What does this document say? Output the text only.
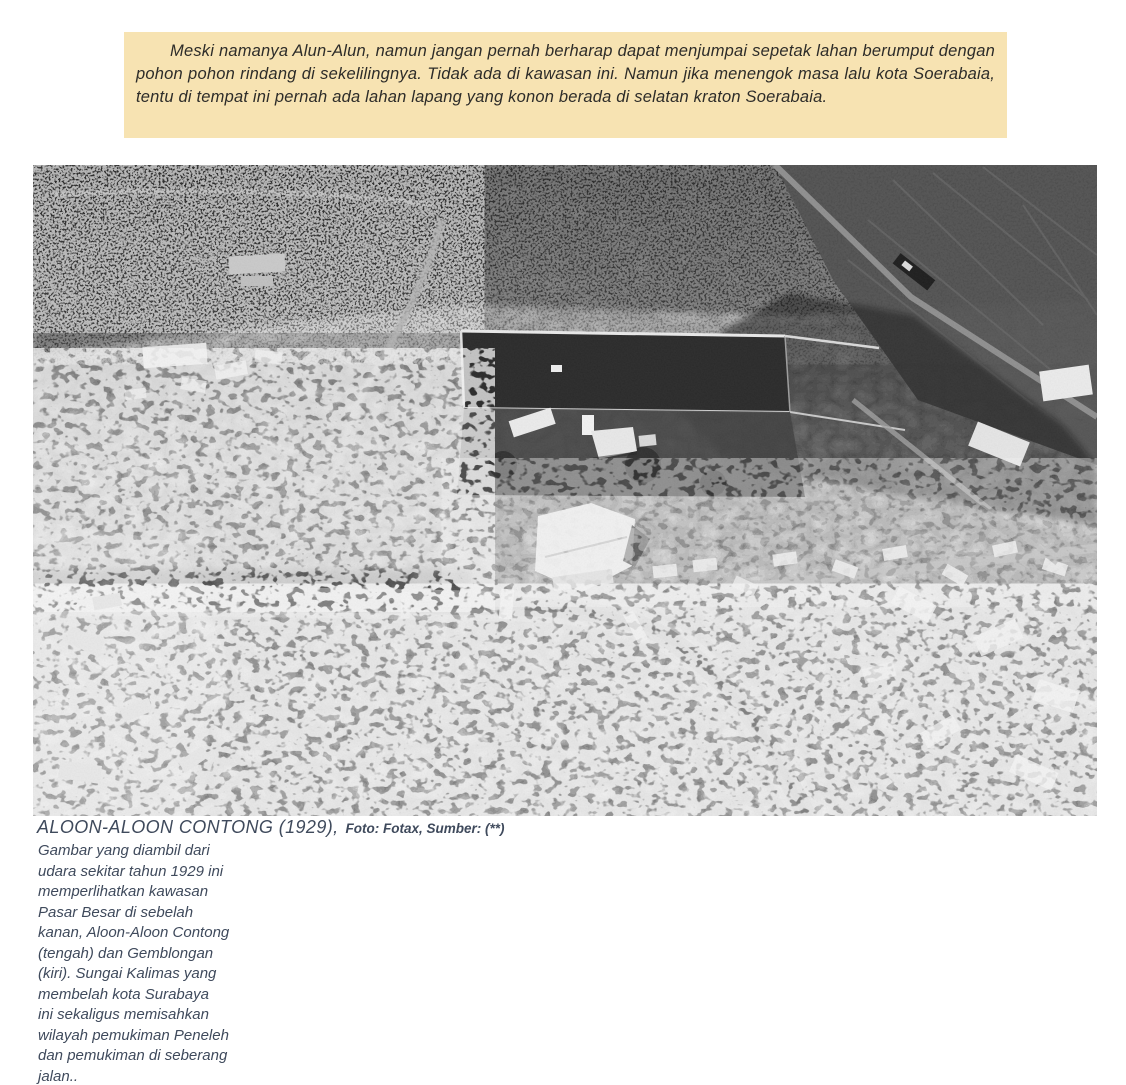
Meski namanya Alun-Alun, namun jangan pernah berharap dapat menjumpai sepetak lahan berumput dengan pohon pohon rindang di sekelilingnya. Tidak ada di kawasan ini. Namun jika menengok masa lalu kota Soerabaia, tentu di tempat ini pernah ada lahan lapang yang konon berada di selatan kraton Soerabaia.

ALOON-ALOON CONTONG (1929), Foto: Fotax, Sumber: (**)
Gambar yang diambil dari
udara sekitar tahun 1929 ini
memperlihatkan kawasan
Pasar Besar di sebelah
kanan, Aloon-Aloon Contong
(tengah) dan Gemblongan
(kiri). Sungai Kalimas yang
membelah kota Surabaya
ini sekaligus memisahkan
wilayah pemukiman Peneleh
dan pemukiman di seberang
jalan..
